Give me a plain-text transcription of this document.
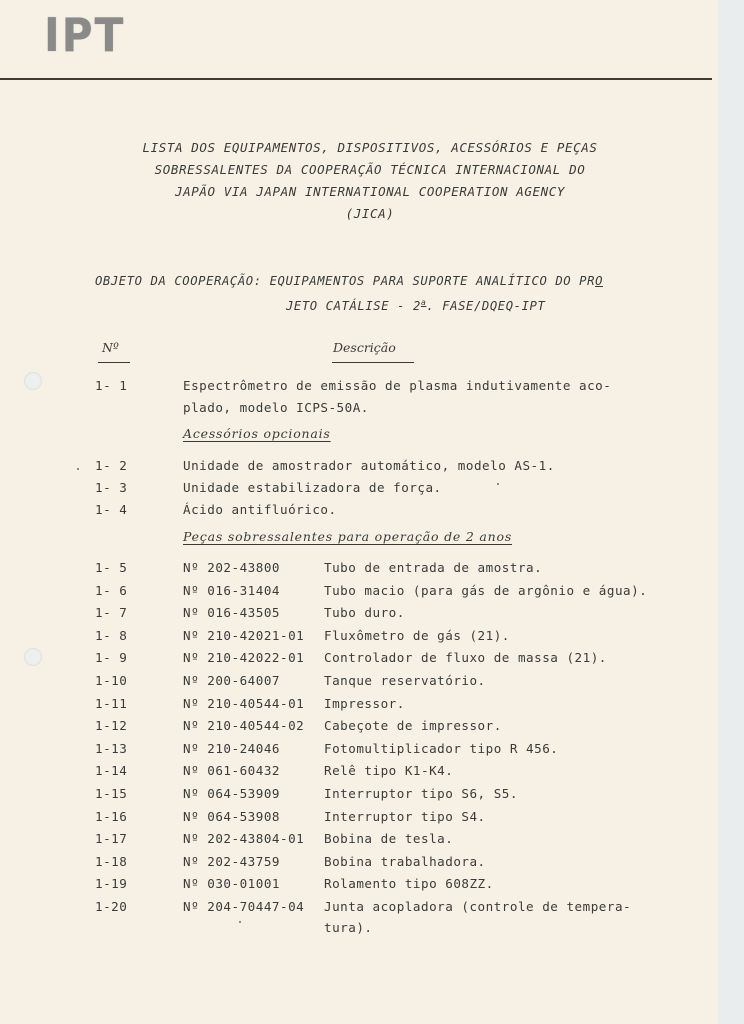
IPT
LISTA DOS EQUIPAMENTOS, DISPOSITIVOS, ACESSÓRIOS E PEÇAS
SOBRESSALENTES DA COOPERAÇÃO TÉCNICA INTERNACIONAL DO
JAPÃO VIA JAPAN INTERNATIONAL COOPERATION AGENCY
(JICA)
OBJETO DA COOPERAÇÃO: EQUIPAMENTOS PARA SUPORTE ANALÍTICO DO PRO
JETO CATÁLISE - 2$^a$. FASE/DQEQ-IPT
Nº	Descrição
1- 1	Espectrômetro de emissão de plasma indutivamente aco-
plado, modelo ICPS-50A.
Acessórios opcionais
1- 2	Unidade de amostrador automático, modelo AS-1.
1- 3	Unidade estabilizadora de força.
1- 4	Ácido antifluórico.
Peças sobressalentes para operação de 2 anos
1- 5	Nº 202-43800	Tubo de entrada de amostra.
1- 6	Nº 016-31404	Tubo macio (para gás de argônio e água).
1- 7	Nº 016-43505	Tubo duro.
1- 8	Nº 210-42021-01 Fluxômetro de gás (21).
1- 9	Nº 210-42022-01 Controlador de fluxo de massa (21).
1-10	Nº 200-64007	Tanque reservatório.
1-11	Nº 210-40544-01 Impressor.
1-12	Nº 210-40544-02 Cabeçote de impressor.
1-13	Nº 210-24046	Fotomultiplicador tipo R 456.
1-14	Nº 061-60432	Relê tipo K1-K4.
1-15	Nº 064-53909	Interruptor tipo S6, S5.
1-16	Nº 064-53908	Interruptor tipo S4.
1-17	Nº 202-43804-01 Bobina de tesla.
1-18	Nº 202-43759	Bobina trabalhadora.
1-19	Nº 030-01001	Rolamento tipo 608ZZ.
1-20	Nº 204-70447-04 Junta acopladora (controle de tempera-
tura).
